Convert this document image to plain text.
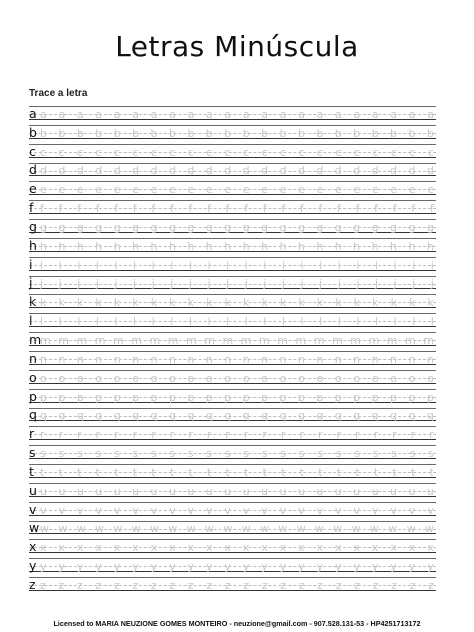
Letras Minúscula
Trace a letra
a a a a a a a a a a a a a a a a a a a a a a a
b b b b b b b b b b b b b b b b b b b b b b b
c c c c c c c c c c c c c c c c c c c c c c c
d d d d d d d d d d d d d d d d d d d d d d d
e e e e e e e e e e e e e e e e e e e e e e e
f f f f f f f f f f f f f f f f f f f f f f f
g g g g g g g g g g g g g g g g g g g g g g g
h h h h h h h h h h h h h h h h h h h h h h h
i i i i i i i i i i i i i i i i i i i i i i i
j j j j j j j j j j j j j j j j j j j j j j j
k k k k k k k k k k k k k k k k k k k k k k k
l l l l l l l l l l l l l l l l l l l l l l l
m
m m m m m m m m m m m m m m m m m m m m m m
n n n n n n n n n n n n n n n n n n n n n n n
o o o o o o o o o o o o o o o o o o o o o o o
p p p p p p p p p p p p p p p p p p p p p p p
q q q q q q q q q q q q q q q q q q q q q q q
r r r r r r r r r r r r r r r r r r r r r r r
s s s s s s s s s s s s s s s s s s s s s s s
t t t t t t t t t t t t t t t t t t t t t t t
u u u u u u u u u u u u u u u u u u u u u u u
v v v v v v v v v v v v v v v v v v v v v v v
w w w w w w w w w w w w w w w w w w w w w w w
x x x x x x x x x x x x x x x x x x x x x x x
y y y y y y y y y y y y y y y y y y y y y y y
z z z z z z z z z z z z z z z z z z z z z z z
Licensed to MARIA NEUZIONE GOMES MONTEIRO - neuzione@gmail.com - 907.528.131-53 - HP4251713172
